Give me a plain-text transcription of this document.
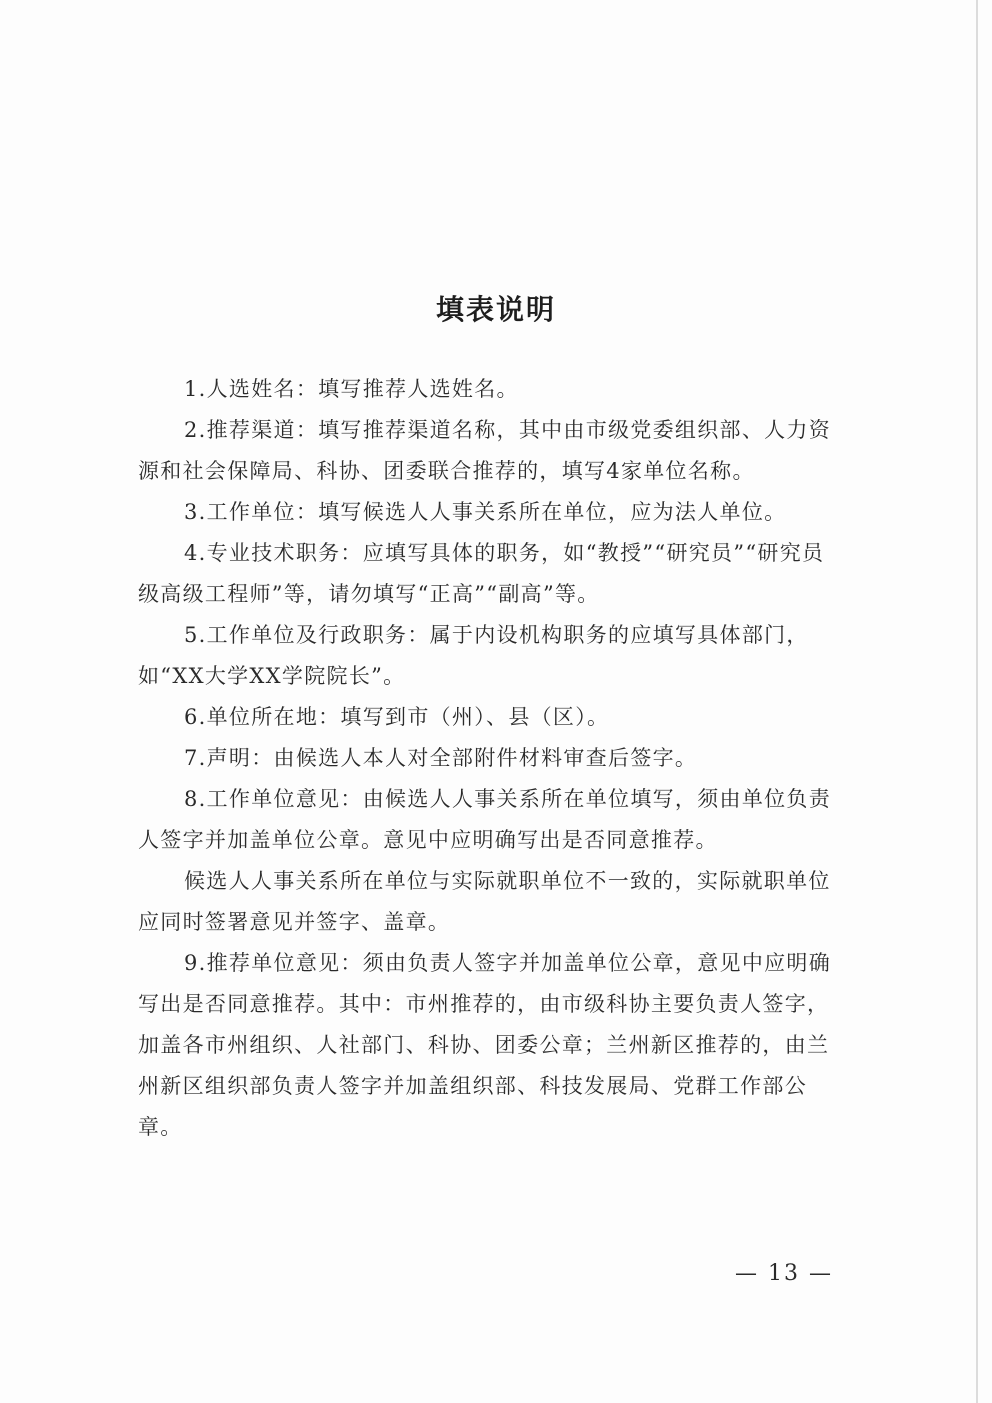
填表说明

1.人选姓名：填写推荐人选姓名。

2.推荐渠道：填写推荐渠道名称，其中由市级党委组织部、人力资源和社会保障局、科协、团委联合推荐的，填写4家单位名称。

3.工作单位：填写候选人人事关系所在单位，应为法人单位。

4.专业技术职务：应填写具体的职务，如“教授”“研究员”“研究员级高级工程师”等，请勿填写“正高”“副高”等。

5.工作单位及行政职务：属于内设机构职务的应填写具体部门，如“XX大学XX学院院长”。

6.单位所在地：填写到市（州）、县（区）。

7.声明：由候选人本人对全部附件材料审查后签字。

8.工作单位意见：由候选人人事关系所在单位填写，须由单位负责人签字并加盖单位公章。意见中应明确写出是否同意推荐。

候选人人事关系所在单位与实际就职单位不一致的，实际就职单位应同时签署意见并签字、盖章。

9.推荐单位意见：须由负责人签字并加盖单位公章，意见中应明确写出是否同意推荐。其中：市州推荐的，由市级科协主要负责人签字，加盖各市州组织、人社部门、科协、团委公章；兰州新区推荐的，由兰州新区组织部负责人签字并加盖组织部、科技发展局、党群工作部公章。

— 13 —
